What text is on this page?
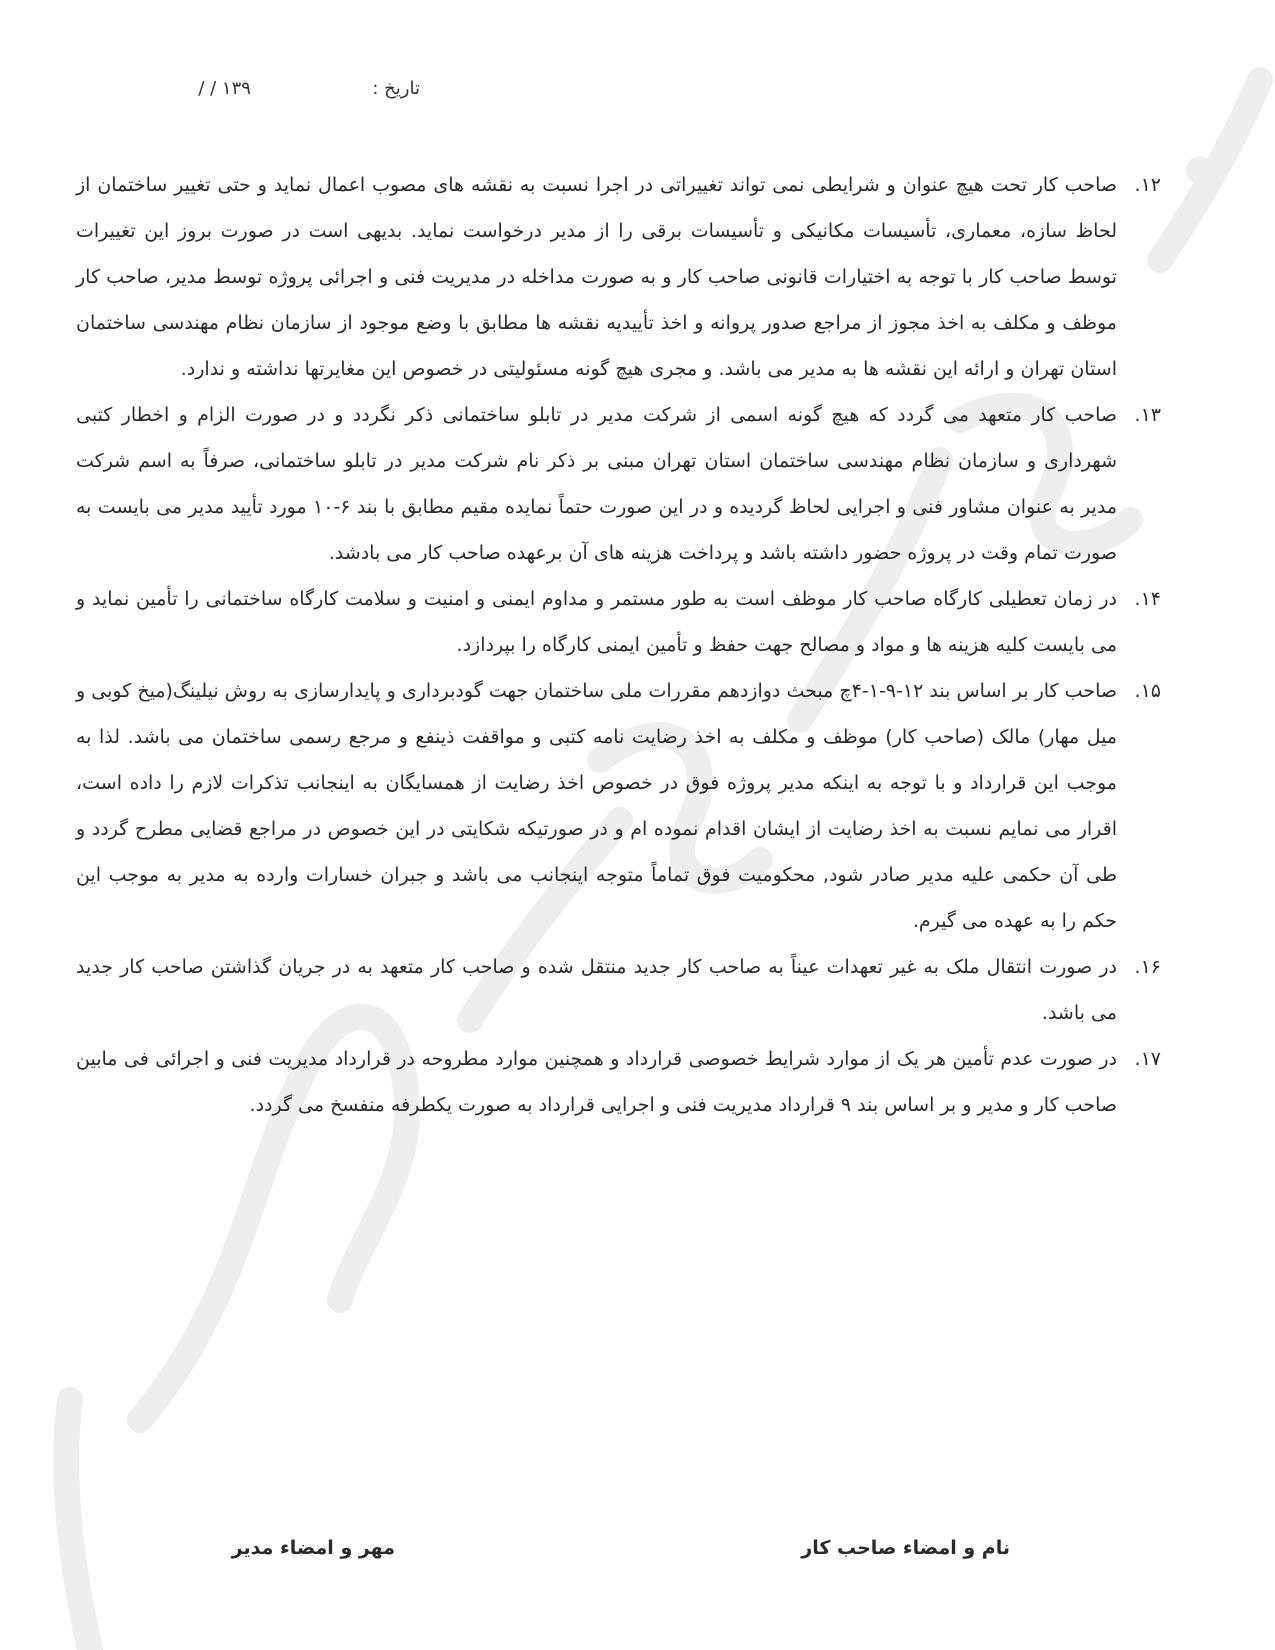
تاریخ :  ۱۳۹ / /
۱۲.
صاحب کار تحت هیچ عنوان و شرایطی نمی تواند تغییراتی در اجرا نسبت به نقشه های مصوب اعمال نماید و حتی تغییر ساختمان از لحاظ سازه، معماری، تأسیسات مکانیکی و تأسیسات برقی را از مدیر درخواست نماید. بدیهی است در صورت بروز این تغییرات توسط صاحب کار با توجه به اختیارات قانونی صاحب کار و به صورت مداخله در مدیریت فنی و اجرائی پروژه توسط مدیر، صاحب کار موظف و مکلف به اخذ مجوز از مراجع صدور پروانه و اخذ تأییدیه نقشه ها مطابق با وضع موجود از سازمان نظام مهندسی ساختمان استان تهران و ارائه این نقشه ها به مدیر می باشد. و مجری هیچ گونه مسئولیتی در خصوص این مغایرتها نداشته و ندارد.
۱۳.
صاحب کار متعهد می گردد که هیچ گونه اسمی از شرکت مدیر در تابلو ساختمانی ذکر نگردد و در صورت الزام و اخطار کتبی شهرداری و سازمان نظام مهندسی ساختمان استان تهران مبنی بر ذکر نام شرکت مدیر در تابلو ساختمانی، صرفاً به اسم شرکت مدیر به عنوان مشاور فنی و اجرایی لحاظ گردیده و در این صورت حتماً نمایده مقیم مطابق با بند ۶-۱۰ مورد تأیید مدیر می بایست به صورت تمام وقت در پروژه حضور داشته باشد و پرداخت هزینه های آن برعهده صاحب کار می بادشد.
۱۴.
در زمان تعطیلی کارگاه صاحب کار موظف است به طور مستمر و مداوم ایمنی و امنیت و سلامت کارگاه ساختمانی را تأمین نماید و می بایست کلیه هزینه ها و مواد و مصالح جهت حفظ و تأمین ایمنی کارگاه را بپردازد.
۱۵.
صاحب کار بر اساس بند ۱۲-۹-۱-۴چ مبحث دوازدهم مقررات ملی ساختمان جهت گودبرداری و پایدارسازی به روش نیلینگ(میخ کوبی و میل مهار) مالک (صاحب کار) موظف و مکلف به اخذ رضایت نامه کتبی و مواقفت ذینفع و مرجع رسمی ساختمان می باشد. لذا به موجب این قرارداد و با توجه به اینکه مدیر پروژه فوق در خصوص اخذ رضایت از همسایگان به اینجانب تذکرات لازم را داده است، اقرار می نمایم نسبت به اخذ رضایت از ایشان اقدام نموده ام و در صورتیکه شکایتی در این خصوص در مراجع قضایی مطرح گردد و طی آن حکمی علیه مدیر صادر شود, محکومیت فوق تماماً متوجه اینجانب می باشد و جبران خسارات وارده به مدیر به موجب این حکم را به عهده می گیرم.
۱۶.
در صورت انتقال ملک به غیر تعهدات عیناً به صاحب کار جدید منتقل شده و صاحب کار متعهد به در جریان گذاشتن صاحب کار جدید می باشد.
۱۷.
در صورت عدم تأمین هر یک از موارد شرایط خصوصی قرارداد و همچنین موارد مطروحه در قرارداد مدیریت فنی و اجرائی فی مابین صاحب کار و مدیر و بر اساس بند ۹ قرارداد مدیریت فنی و اجرایی قرارداد به صورت یکطرفه منفسخ می گردد.
نام و امضاء صاحب کار
مهر و امضاء مدیر
